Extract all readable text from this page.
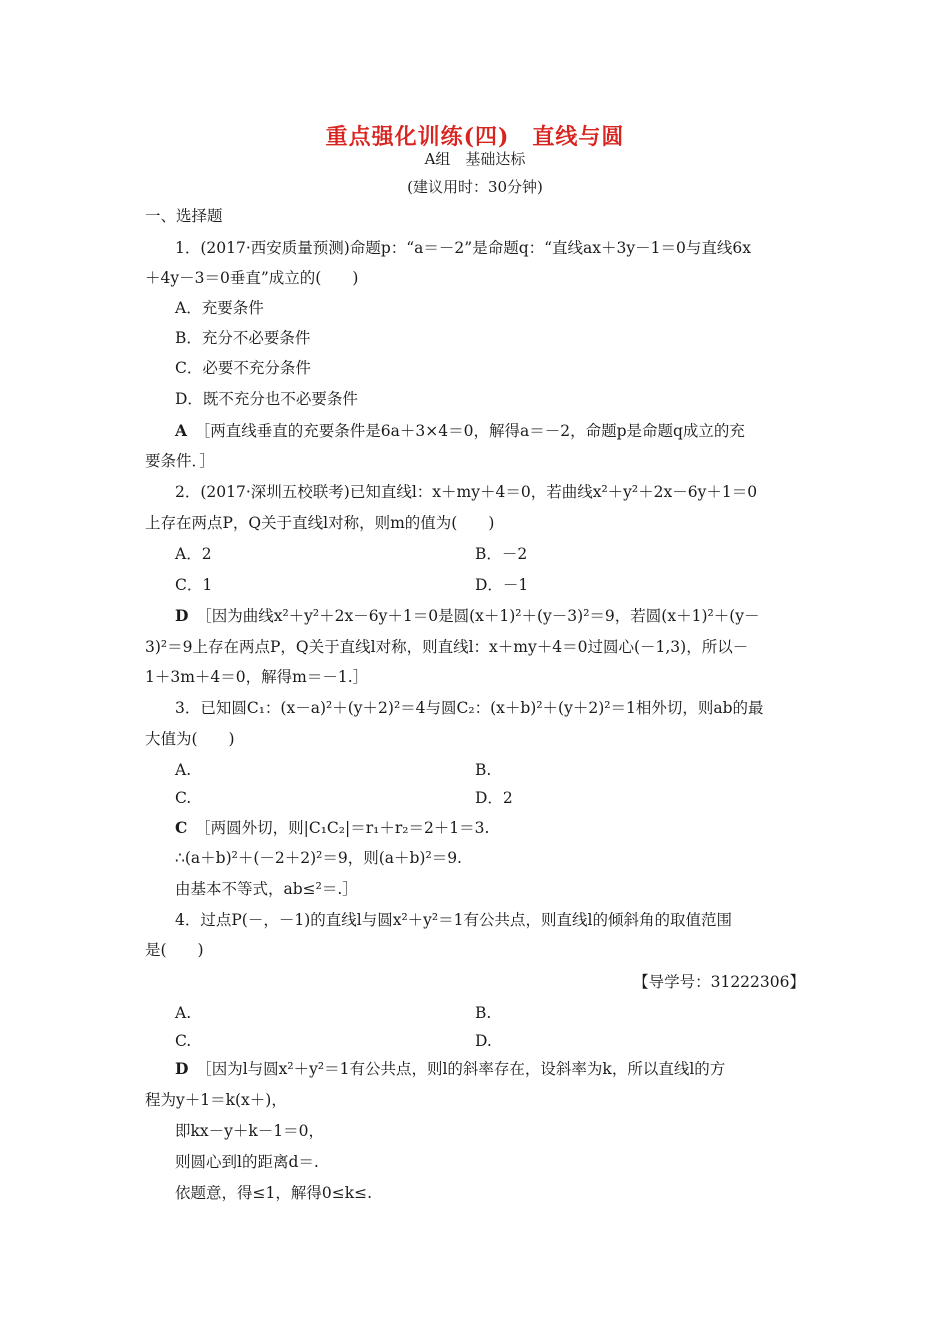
重点强化训练(四)　直线与圆
A组　基础达标
(建议用时：30分钟)
一、选择题
1．(2017·西安质量预测)命题p：“a＝－2”是命题q：“直线ax＋3y－1＝0与直线6x
＋4y－3＝0垂直”成立的(　　)
A．充要条件
B．充分不必要条件
C．必要不充分条件
D．既不充分也不必要条件
A　 ［两直线垂直的充要条件是6a＋3×4＝0，解得a＝－2，命题p是命题q成立的充
要条件．］
2．(2017·深圳五校联考)已知直线l：x＋my＋4＝0，若曲线x²＋y²＋2x－6y＋1＝0
上存在两点P，Q关于直线l对称，则m的值为(　　)
A．2	B．－2
C．1	D．－1
D　 ［因为曲线x²＋y²＋2x－6y＋1＝0是圆(x＋1)²＋(y－3)²＝9，若圆(x＋1)²＋(y－
3)²＝9上存在两点P，Q关于直线l对称，则直线l：x＋my＋4＝0过圆心(－1,3)，所以－
1＋3m＋4＝0，解得m＝－1.］
3．已知圆C₁：(x－a)²＋(y＋2)²＝4与圆C₂：(x＋b)²＋(y＋2)²＝1相外切，则ab的最
大值为(　　)
A.	B.
C.	D．2
C　 ［两圆外切，则|C₁C₂|＝r₁＋r₂＝2＋1＝3.
∴(a＋b)²＋(－2＋2)²＝9，则(a＋b)²＝9.
由基本不等式，ab≤²＝.］
4．过点P(－，－1)的直线l与圆x²＋y²＝1有公共点，则直线l的倾斜角的取值范围
是(　　)
【导学号：31222306】
A.	B.
C.	D.
D　 ［因为l与圆x²＋y²＝1有公共点，则l的斜率存在，设斜率为k，所以直线l的方
程为y＋1＝k(x＋)，
即kx－y＋k－1＝0，
则圆心到l的距离d＝.
依题意，得≤1，解得0≤k≤.
